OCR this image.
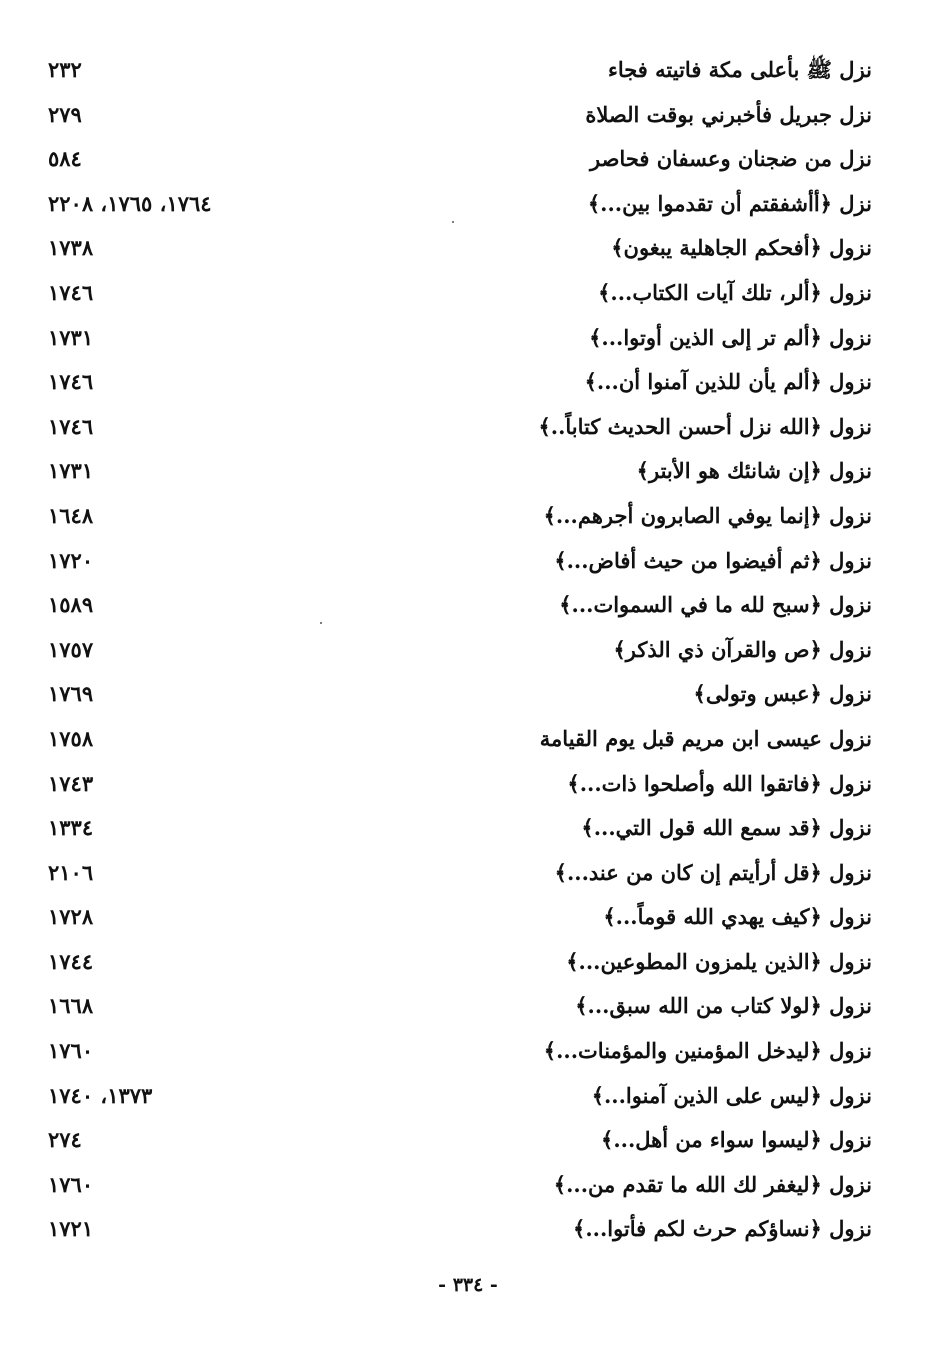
نزل ﷺ بأعلى مكة فاتيته فجاء
٢٣٢
نزل جبريل فأخبرني بوقت الصلاة
٢٧٩
نزل من ضجنان وعسفان فحاصر
٥٨٤
نزل ﴿أأشفقتم أن تقدموا بين...﴾
١٧٦٤، ١٧٦٥، ٢٢٠٨
نزول ﴿أفحكم الجاهلية يبغون﴾
١٧٣٨
نزول ﴿ألر، تلك آيات الكتاب...﴾
١٧٤٦
نزول ﴿ألم تر إلى الذين أوتوا...﴾
١٧٣١
نزول ﴿ألم يأن للذين آمنوا أن...﴾
١٧٤٦
نزول ﴿الله نزل أحسن الحديث كتاباً..﴾
١٧٤٦
نزول ﴿إن شانئك هو الأبتر﴾
١٧٣١
نزول ﴿إنما يوفي الصابرون أجرهم...﴾
١٦٤٨
نزول ﴿ثم أفيضوا من حيث أفاض...﴾
١٧٢٠
نزول ﴿سبح لله ما في السموات...﴾
١٥٨٩
نزول ﴿ص والقرآن ذي الذكر﴾
١٧٥٧
نزول ﴿عبس وتولى﴾
١٧٦٩
نزول عيسى ابن مريم قبل يوم القيامة
١٧٥٨
نزول ﴿فاتقوا الله وأصلحوا ذات...﴾
١٧٤٣
نزول ﴿قد سمع الله قول التي...﴾
١٣٣٤
نزول ﴿قل أرأيتم إن كان من عند...﴾
٢١٠٦
نزول ﴿كيف يهدي الله قوماً...﴾
١٧٢٨
نزول ﴿الذين يلمزون المطوعين...﴾
١٧٤٤
نزول ﴿لولا كتاب من الله سبق...﴾
١٦٦٨
نزول ﴿ليدخل المؤمنين والمؤمنات...﴾
١٧٦٠
نزول ﴿ليس على الذين آمنوا...﴾
١٣٧٣، ١٧٤٠
نزول ﴿ليسوا سواء من أهل...﴾
٢٧٤
نزول ﴿ليغفر لك الله ما تقدم من...﴾
١٧٦٠
نزول ﴿نساؤكم حرث لكم فأتوا...﴾
١٧٢١
- ٣٣٤ -
